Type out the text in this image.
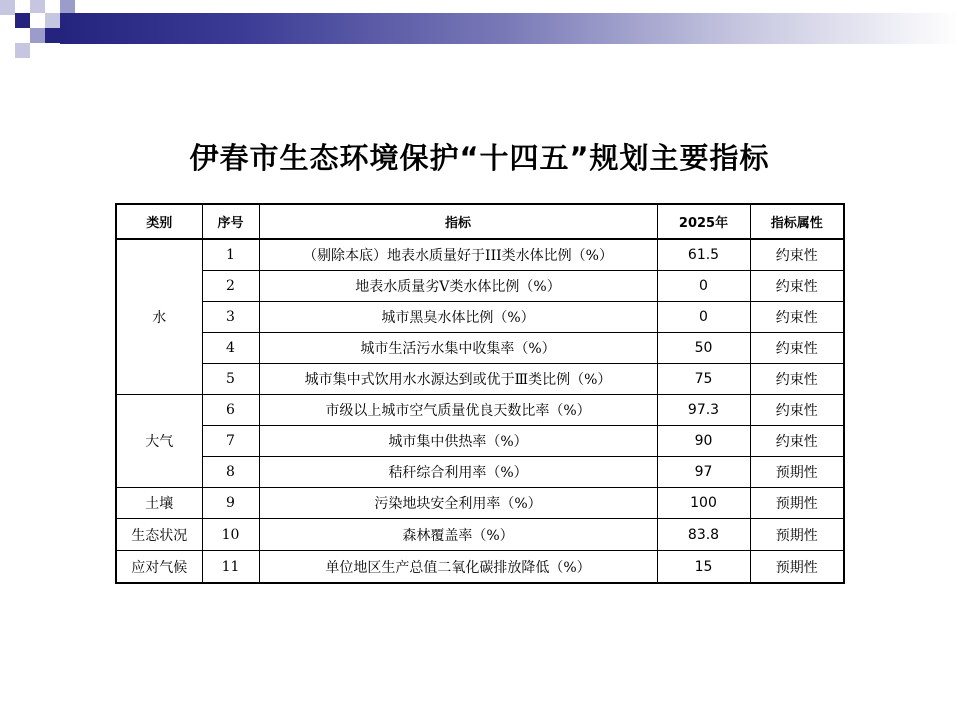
伊春市生态环境保护“十四五”规划主要指标
类别	序号	指标	2025年	指标属性
水	1	（剔除本底）地表水质量好于III类水体比例（%）	61.5	约束性
	2	地表水质量劣V类水体比例（%）	0	约束性
	3	城市黑臭水体比例（%）	0	约束性
	4	城市生活污水集中收集率（%）	50	约束性
	5	城市集中式饮用水水源达到或优于Ⅲ类比例（%）	75	约束性
大气	6	市级以上城市空气质量优良天数比率（%）	97.3	约束性
	7	城市集中供热率（%）	90	约束性
	8	秸秆综合利用率（%）	97	预期性
土壤	9	污染地块安全利用率（%）	100	预期性
生态状况	10	森林覆盖率（%）	83.8	预期性
应对气候	11	单位地区生产总值二氧化碳排放降低（%）	15	预期性
